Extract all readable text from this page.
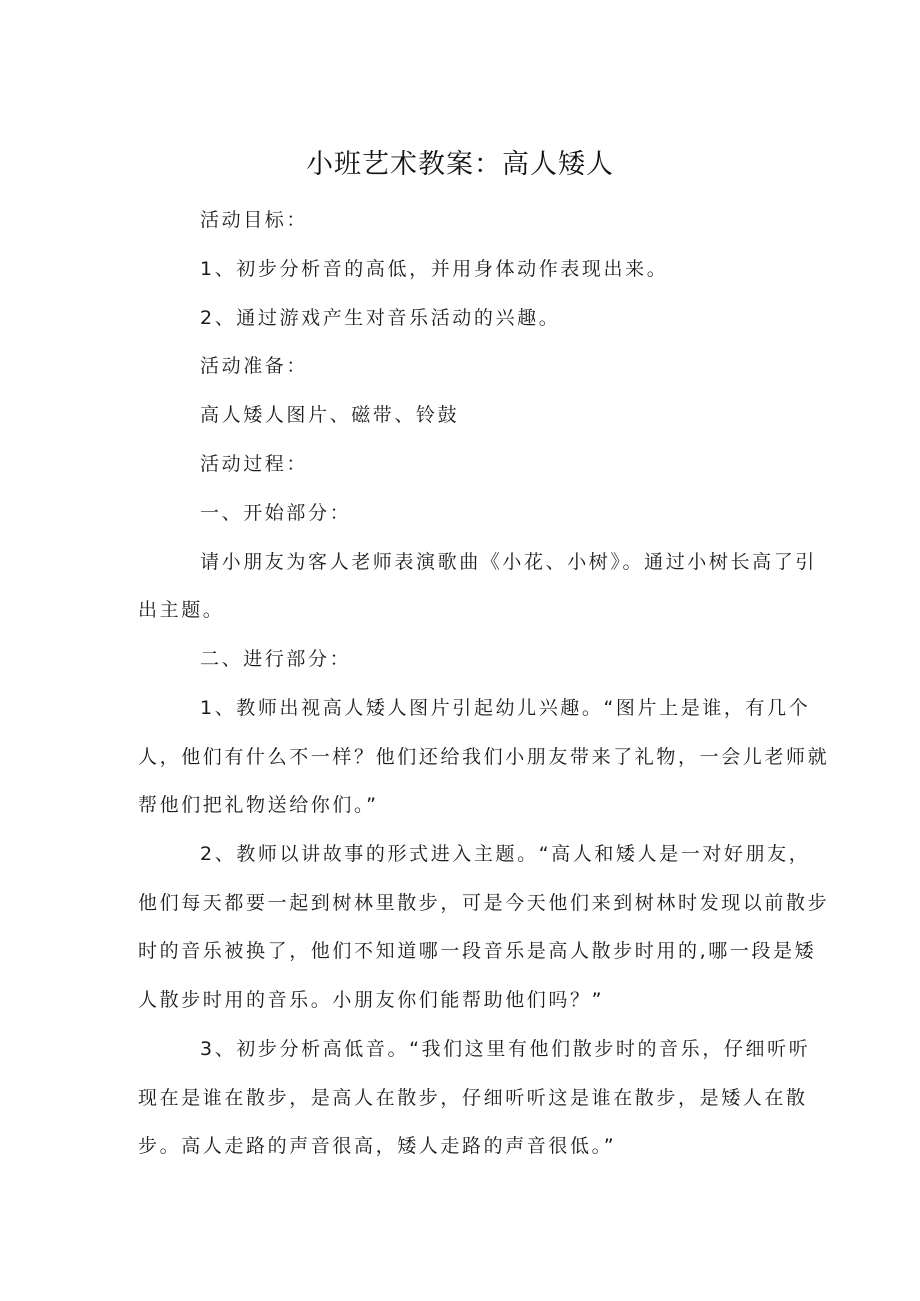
小班艺术教案：高人矮人
活动目标：
1、初步分析音的高低，并用身体动作表现出来。
2、通过游戏产生对音乐活动的兴趣。
活动准备：
高人矮人图片、磁带、铃鼓
活动过程：
一、开始部分：
请小朋友为客人老师表演歌曲《小花、小树》。通过小树长高了引
出主题。
二、进行部分：
1、教师出视高人矮人图片引起幼儿兴趣。“图片上是谁，有几个
人，他们有什么不一样？他们还给我们小朋友带来了礼物，一会儿老师就
帮他们把礼物送给你们。”
2、教师以讲故事的形式进入主题。“高人和矮人是一对好朋友，
他们每天都要一起到树林里散步，可是今天他们来到树林时发现以前散步
时的音乐被换了，他们不知道哪一段音乐是高人散步时用的,哪一段是矮
人散步时用的音乐。小朋友你们能帮助他们吗？”
3、初步分析高低音。“我们这里有他们散步时的音乐，仔细听听
现在是谁在散步，是高人在散步，仔细听听这是谁在散步，是矮人在散
步。高人走路的声音很高，矮人走路的声音很低。”
